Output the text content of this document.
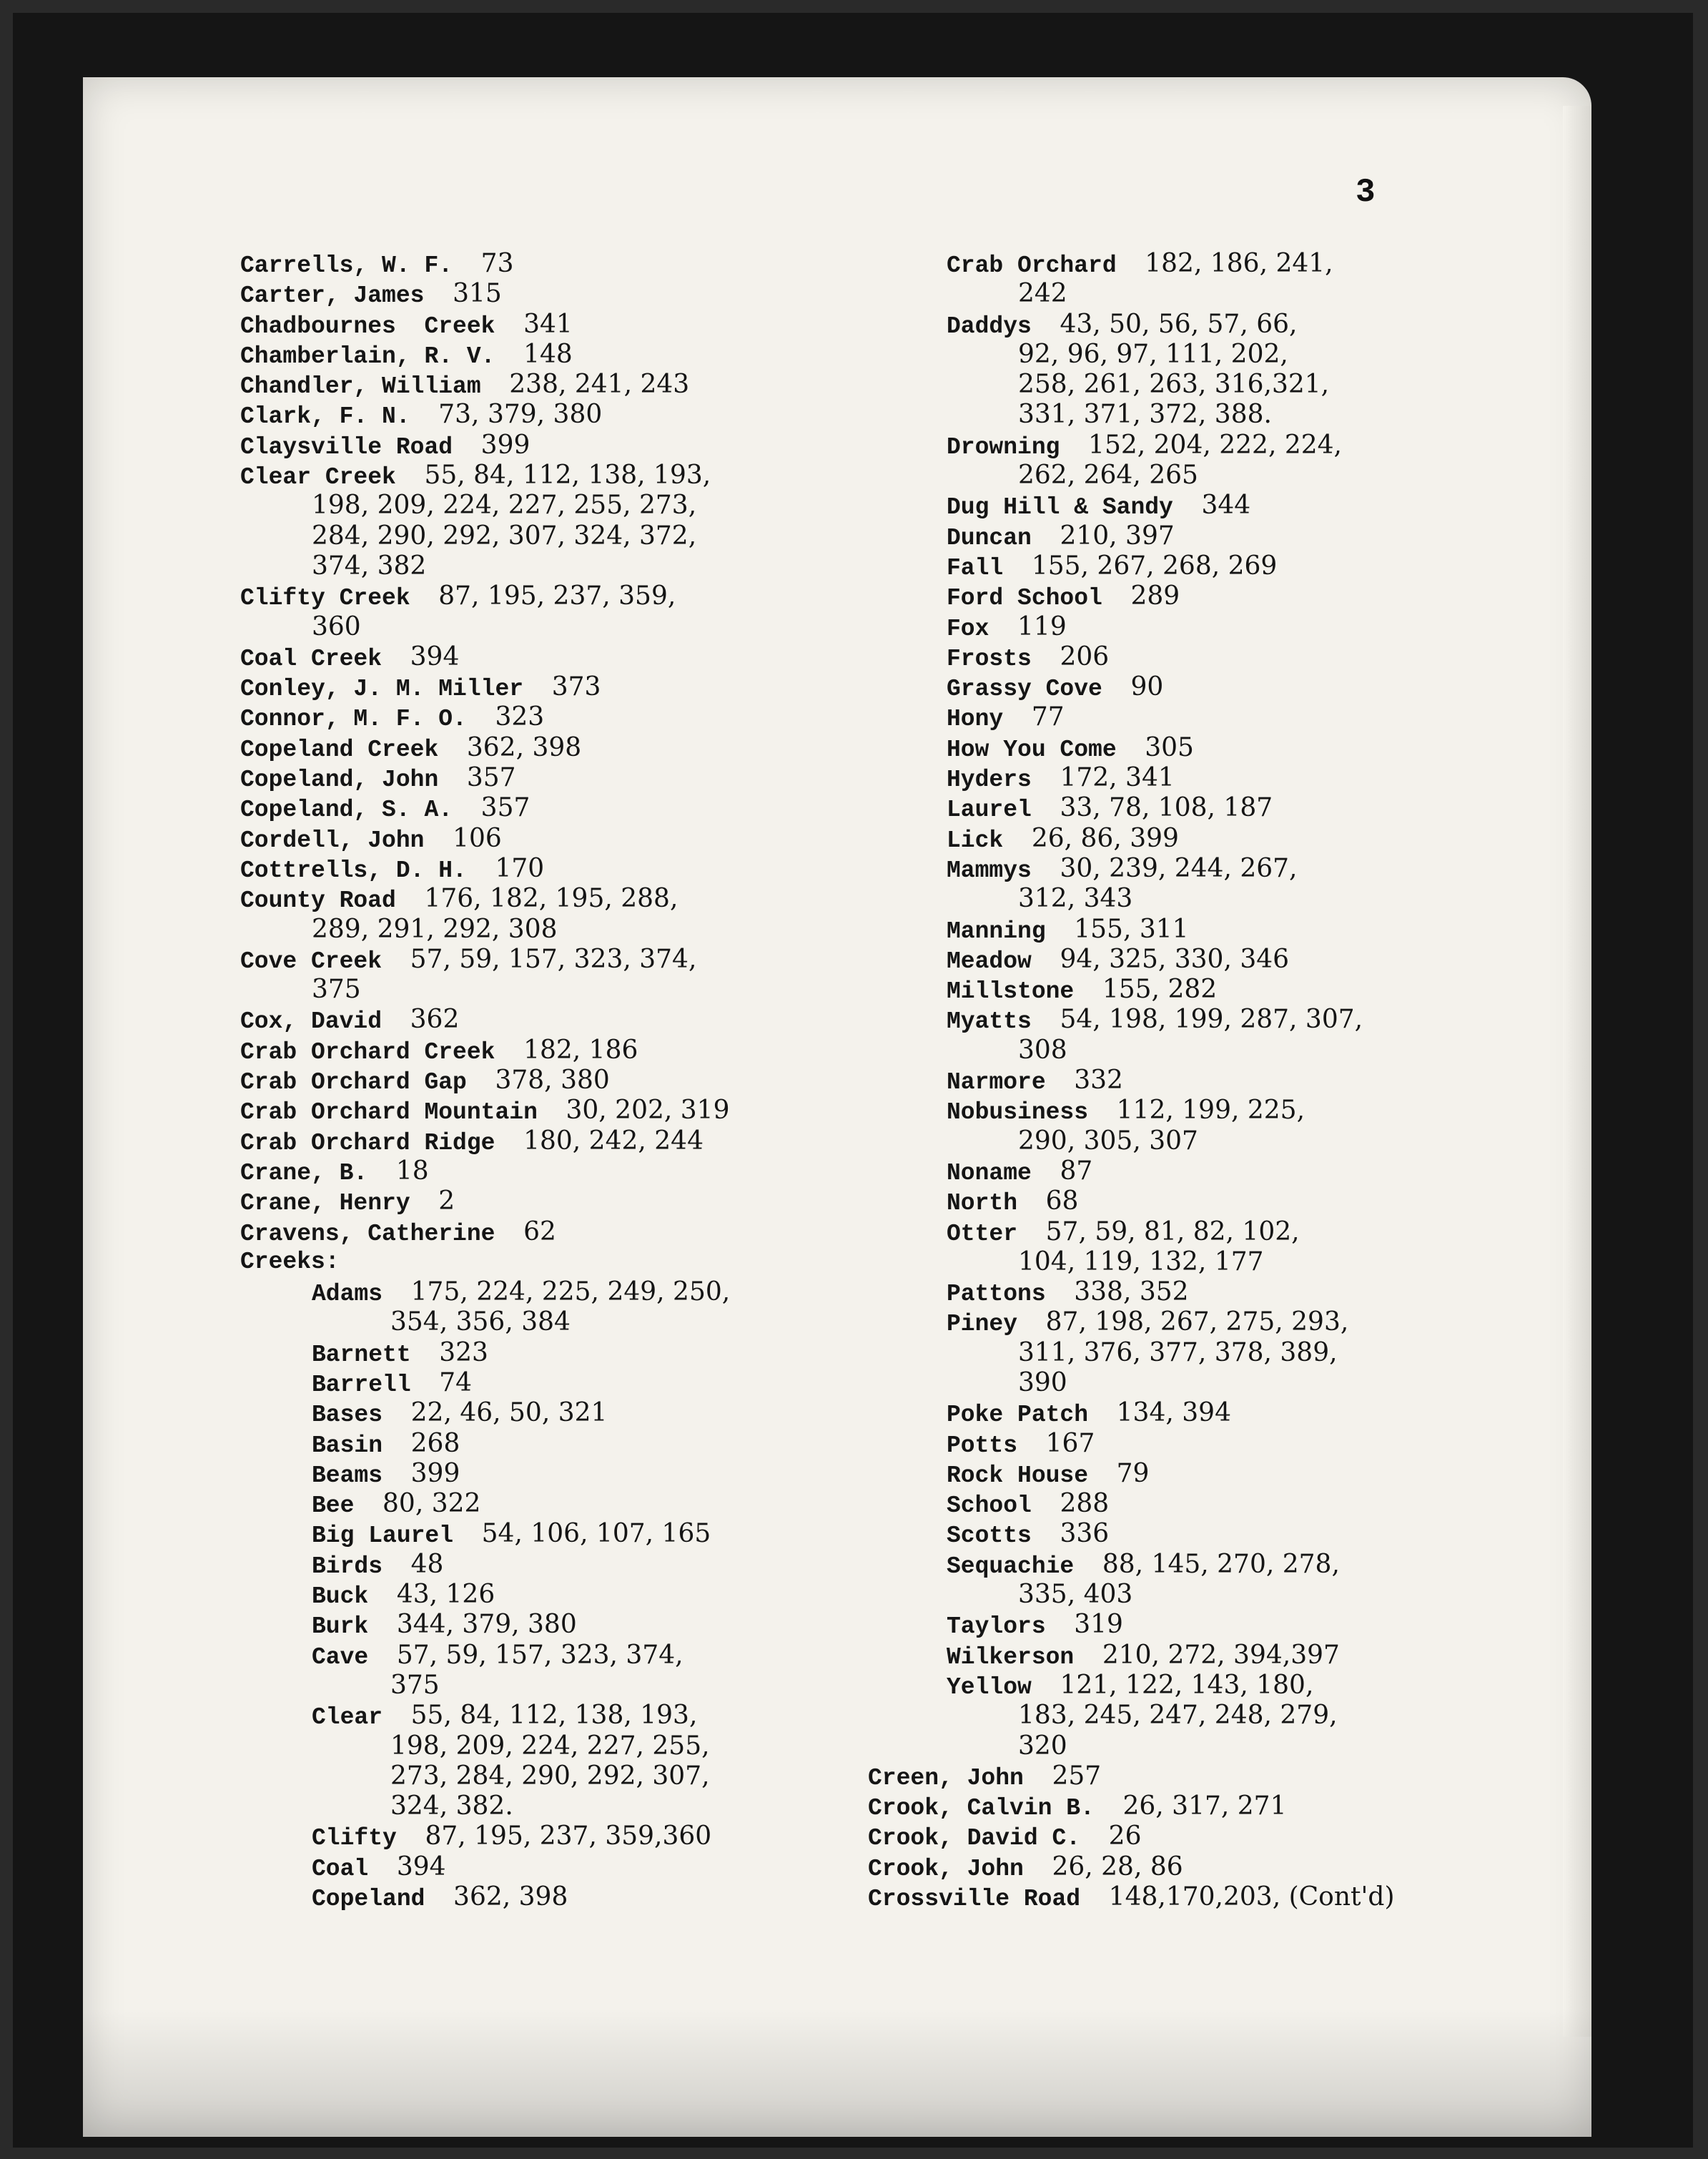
3
Carrells, W. F. 73
Carter, James 315
Chadbournes  Creek 341
Chamberlain, R. V. 148
Chandler, William 238, 241, 243
Clark, F. N. 73, 379, 380
Claysville Road 399
Clear Creek 55, 84, 112, 138, 193,
198, 209, 224, 227, 255, 273,
284, 290, 292, 307, 324, 372,
374, 382
Clifty Creek 87, 195, 237, 359,
360
Coal Creek 394
Conley, J. M. Miller 373
Connor, M. F. O. 323
Copeland Creek 362, 398
Copeland, John 357
Copeland, S. A. 357
Cordell, John 106
Cottrells, D. H. 170
County Road 176, 182, 195, 288,
289, 291, 292, 308
Cove Creek 57, 59, 157, 323, 374,
375
Cox, David 362
Crab Orchard Creek 182, 186
Crab Orchard Gap 378, 380
Crab Orchard Mountain 30, 202, 319
Crab Orchard Ridge 180, 242, 244
Crane, B. 18
Crane, Henry 2
Cravens, Catherine 62
Creeks:
Adams 175, 224, 225, 249, 250,
354, 356, 384
Barnett 323
Barrell 74
Bases 22, 46, 50, 321
Basin 268
Beams 399
Bee 80, 322
Big Laurel 54, 106, 107, 165
Birds 48
Buck 43, 126
Burk 344, 379, 380
Cave 57, 59, 157, 323, 374,
375
Clear 55, 84, 112, 138, 193,
198, 209, 224, 227, 255,
273, 284, 290, 292, 307,
324, 382.
Clifty 87, 195, 237, 359,360
Coal 394
Copeland 362, 398
Crab Orchard 182, 186, 241,
242
Daddys 43, 50, 56, 57, 66,
92, 96, 97, 111, 202,
258, 261, 263, 316,321,
331, 371, 372, 388.
Drowning 152, 204, 222, 224,
262, 264, 265
Dug Hill & Sandy 344
Duncan 210, 397
Fall 155, 267, 268, 269
Ford School 289
Fox 119
Frosts 206
Grassy Cove 90
Hony 77
How You Come 305
Hyders 172, 341
Laurel 33, 78, 108, 187
Lick 26, 86, 399
Mammys 30, 239, 244, 267,
312, 343
Manning 155, 311
Meadow 94, 325, 330, 346
Millstone 155, 282
Myatts 54, 198, 199, 287, 307,
308
Narmore 332
Nobusiness 112, 199, 225,
290, 305, 307
Noname 87
North 68
Otter 57, 59, 81, 82, 102,
104, 119, 132, 177
Pattons 338, 352
Piney 87, 198, 267, 275, 293,
311, 376, 377, 378, 389,
390
Poke Patch 134, 394
Potts 167
Rock House 79
School 288
Scotts 336
Sequachie 88, 145, 270, 278,
335, 403
Taylors 319
Wilkerson 210, 272, 394,397
Yellow 121, 122, 143, 180,
183, 245, 247, 248, 279,
320
Creen, John 257
Crook, Calvin B. 26, 317, 271
Crook, David C. 26
Crook, John 26, 28, 86
Crossville Road 148,170,203, (Cont'd)
